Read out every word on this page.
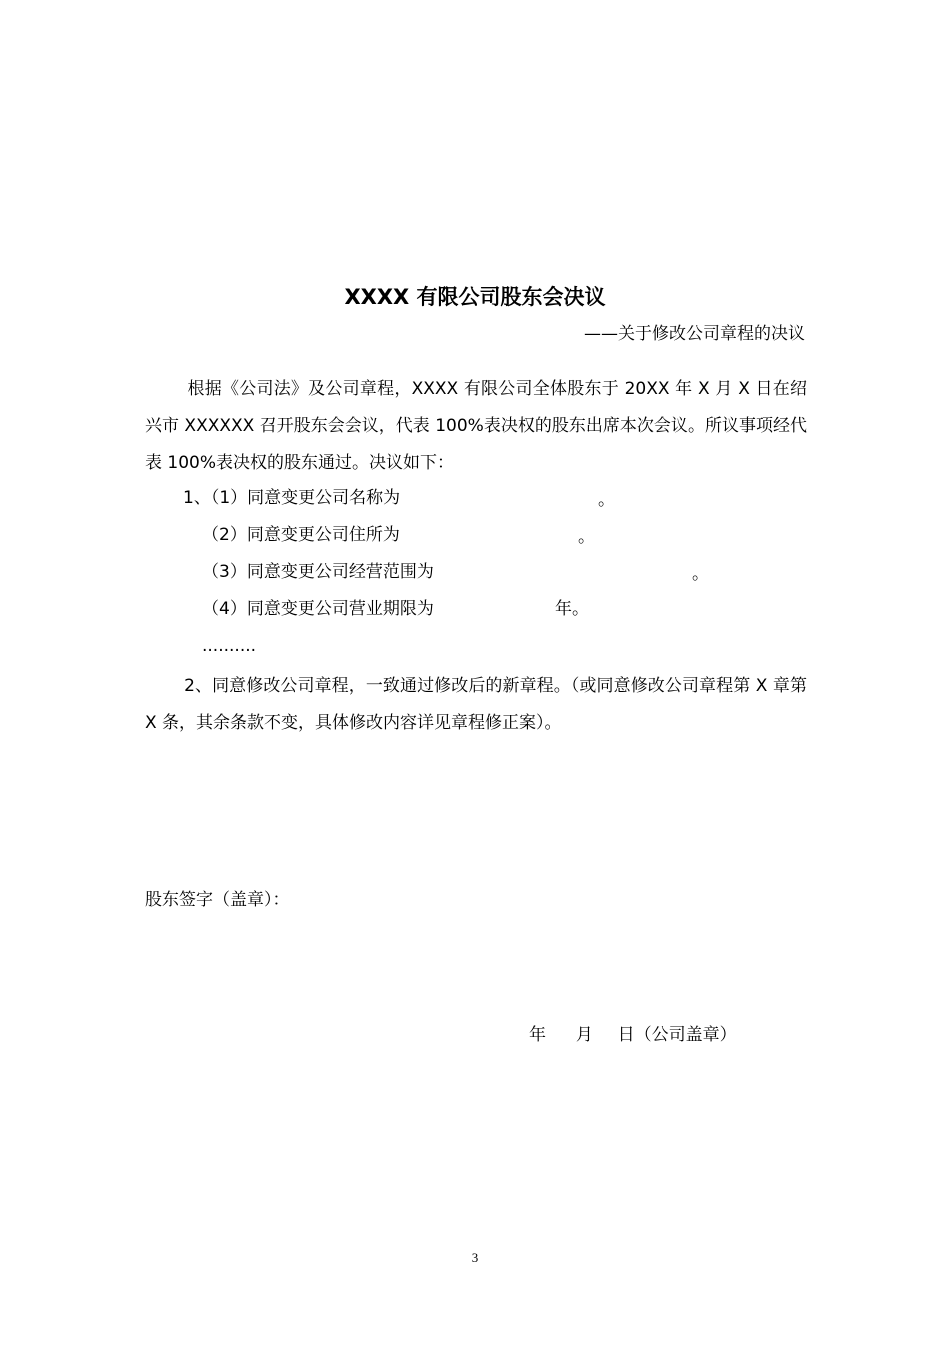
XXXX 有限公司股东会决议
——关于修改公司章程的决议
根据《公司法》及公司章程，XXXX 有限公司全体股东于 20XX 年 X 月 X 日在绍兴市 XXXXXX 召开股东会会议，代表 100%表决权的股东出席本次会议。所议事项经代表 100%表决权的股东通过。决议如下：
1、（1）同意变更公司名称为	。
（2）同意变更公司住所为	。
（3）同意变更公司经营范围为	。
（4）同意变更公司营业期限为	年。
..........
2、同意修改公司章程，一致通过修改后的新章程。（或同意修改公司章程第 X 章第 X 条，其余条款不变，具体修改内容详见章程修正案）。
股东签字（盖章）：
年 月 日（公司盖章）
3
